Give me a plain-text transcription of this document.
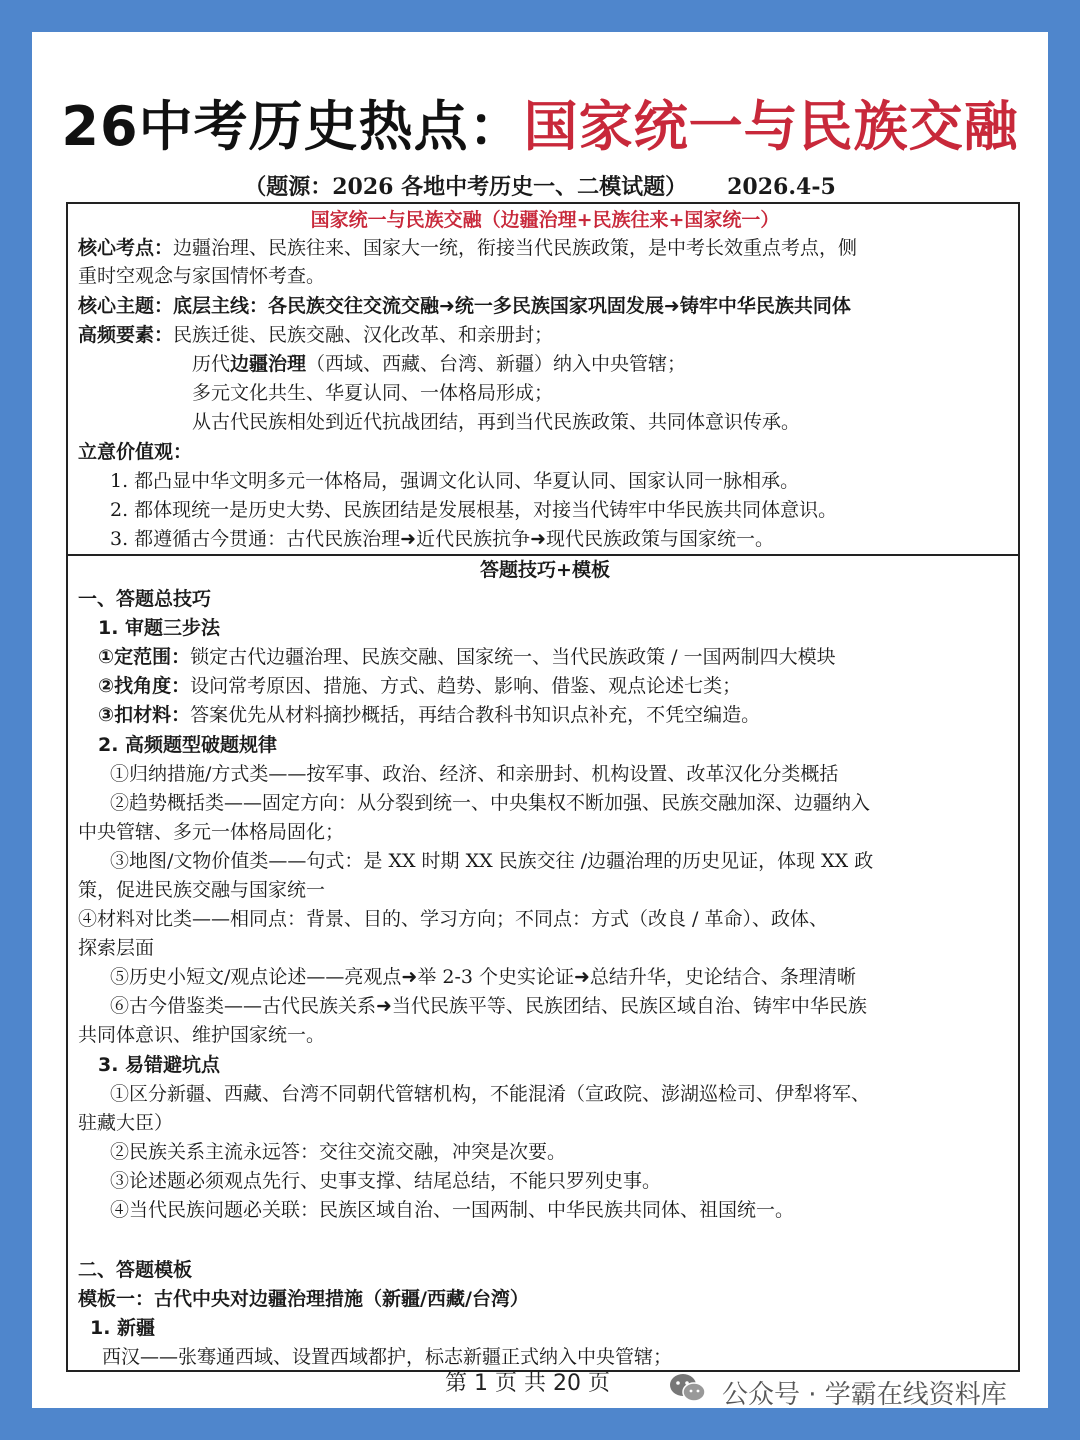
26中考历史热点：国家统一与民族交融
（题源：2026 各地中考历史一、二模试题） 2026.4-5
国家统一与民族交融（边疆治理+民族往来+国家统一）
核心考点：边疆治理、民族往来、国家大一统，衔接当代民族政策，是中考长效重点考点，侧
重时空观念与家国情怀考查。
核心主题：底层主线：各民族交往交流交融➜统一多民族国家巩固发展➜铸牢中华民族共同体
高频要素：民族迁徙、民族交融、汉化改革、和亲册封；
历代边疆治理（西域、西藏、台湾、新疆）纳入中央管辖；
多元文化共生、华夏认同、一体格局形成；
从古代民族相处到近代抗战团结，再到当代民族政策、共同体意识传承。
立意价值观：
1. 都凸显中华文明多元一体格局，强调文化认同、华夏认同、国家认同一脉相承。
2. 都体现统一是历史大势、民族团结是发展根基，对接当代铸牢中华民族共同体意识。
3. 都遵循古今贯通：古代民族治理➜近代民族抗争➜现代民族政策与国家统一。
答题技巧+模板
一、答题总技巧
1. 审题三步法
①定范围：锁定古代边疆治理、民族交融、国家统一、当代民族政策 / 一国两制四大模块
②找角度：设问常考原因、措施、方式、趋势、影响、借鉴、观点论述七类；
③扣材料：答案优先从材料摘抄概括，再结合教科书知识点补充，不凭空编造。
2. 高频题型破题规律
①归纳措施/方式类——按军事、政治、经济、和亲册封、机构设置、改革汉化分类概括
②趋势概括类——固定方向：从分裂到统一、中央集权不断加强、民族交融加深、边疆纳入
中央管辖、多元一体格局固化；
③地图/文物价值类——句式：是 XX 时期 XX 民族交往 /边疆治理的历史见证，体现 XX 政
策，促进民族交融与国家统一
④材料对比类——相同点：背景、目的、学习方向；不同点：方式（改良 / 革命）、政体、
探索层面
⑤历史小短文/观点论述——亮观点➜举 2-3 个史实论证➜总结升华，史论结合、条理清晰
⑥古今借鉴类——古代民族关系➜当代民族平等、民族团结、民族区域自治、铸牢中华民族
共同体意识、维护国家统一。
3. 易错避坑点
①区分新疆、西藏、台湾不同朝代管辖机构，不能混淆（宣政院、澎湖巡检司、伊犁将军、
驻藏大臣）
②民族关系主流永远答：交往交流交融，冲突是次要。
③论述题必须观点先行、史事支撑、结尾总结，不能只罗列史事。
④当代民族问题必关联：民族区域自治、一国两制、中华民族共同体、祖国统一。
二、答题模板
模板一：古代中央对边疆治理措施（新疆/西藏/台湾）
1. 新疆
西汉——张骞通西域、设置西域都护，标志新疆正式纳入中央管辖；
第 1 页 共 20 页	公众号 · 学霸在线资料库
